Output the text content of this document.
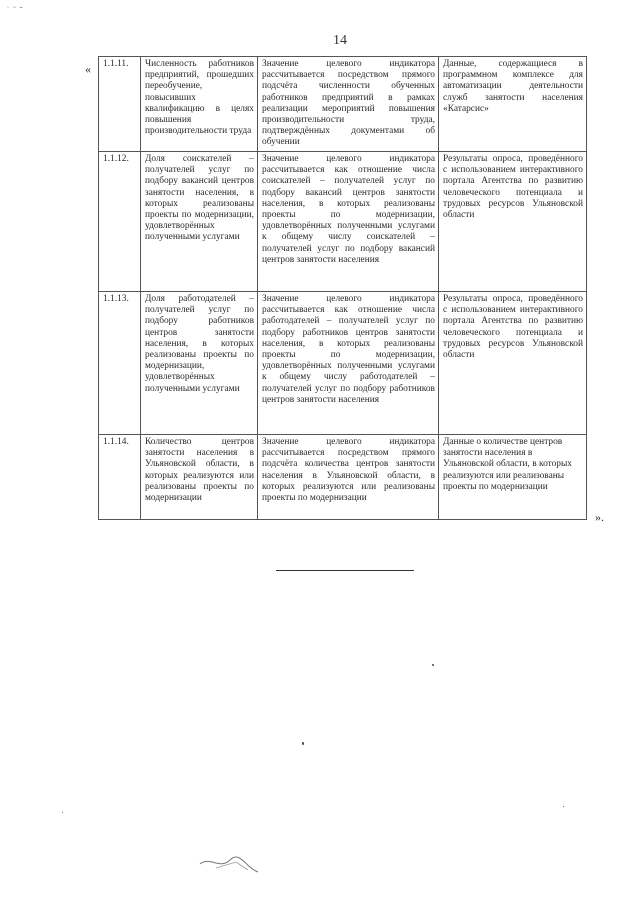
14
«
».
1.1.11.	Численность работников предприятий, прошедших переобучение, повысивших квалификацию в целях повышения производительности труда	Значение целевого индикатора рассчитывается посредством прямого подсчёта численности обученных работников предприятий в рамках реализации мероприятий повышения производительности труда, подтверждённых документами об обучении	Данные, содержащиеся в программном комплексе для автоматизации деятельности служб занятости населения «Катарсис»
1.1.12.	Доля соискателей – получателей услуг по подбору вакансий центров занятости населения, в которых реализованы проекты по модернизации, удовлетворённых полученными услугами	Значение целевого индикатора рассчитывается как отношение числа соискателей – получателей услуг по подбору вакансий центров занятости населения, в которых реализованы проекты по модернизации, удовлетворённых полученными услугами к общему числу соискателей – получателей услуг по подбору вакансий центров занятости населения	Результаты опроса, проведённого с использованием интерактивного портала Агентства по развитию человеческого потенциала и трудовых ресурсов Ульяновской области
1.1.13.	Доля работодателей – получателей услуг по подбору работников центров занятости населения, в которых реализованы проекты по модернизации, удовлетворённых полученными услугами	Значение целевого индикатора рассчитывается как отношение числа работодателей – получателей услуг по подбору работников центров занятости населения, в которых реализованы проекты по модернизации, удовлетворённых полученными услугами к общему числу работодателей – получателей услуг по подбору работников центров занятости населения	Результаты опроса, проведённого с использованием интерактивного портала Агентства по развитию человеческого потенциала и трудовых ресурсов Ульяновской области
1.1.14.	Количество центров занятости населения в Ульяновской области, в которых реализуются или реализованы проекты по модернизации	Значение целевого индикатора рассчитывается посредством прямого подсчёта количества центров занятости населения в Ульяновской области, в которых реализуются или реализованы проекты по модернизации	Данные о количестве центров занятости населения в Ульяновской области, в которых реализуются или реализованы проекты по модернизации
˙ ¨ ˜
